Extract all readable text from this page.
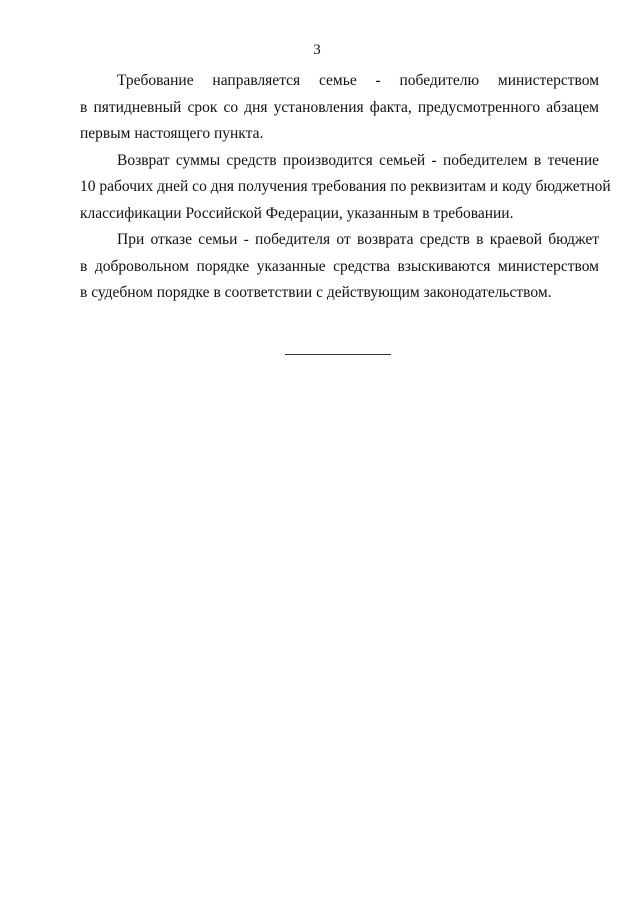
3

Требование направляется семье - победителю министерством
в пятидневный срок со дня установления факта, предусмотренного абзацем
первым настоящего пункта.

Возврат суммы средств производится семьей - победителем в течение
10 рабочих дней со дня получения требования по реквизитам и коду бюджетной
классификации Российской Федерации, указанным в требовании.

При отказе семьи - победителя от возврата средств в краевой бюджет
в добровольном порядке указанные средства взыскиваются министерством
в судебном порядке в соответствии с действующим законодательством.
